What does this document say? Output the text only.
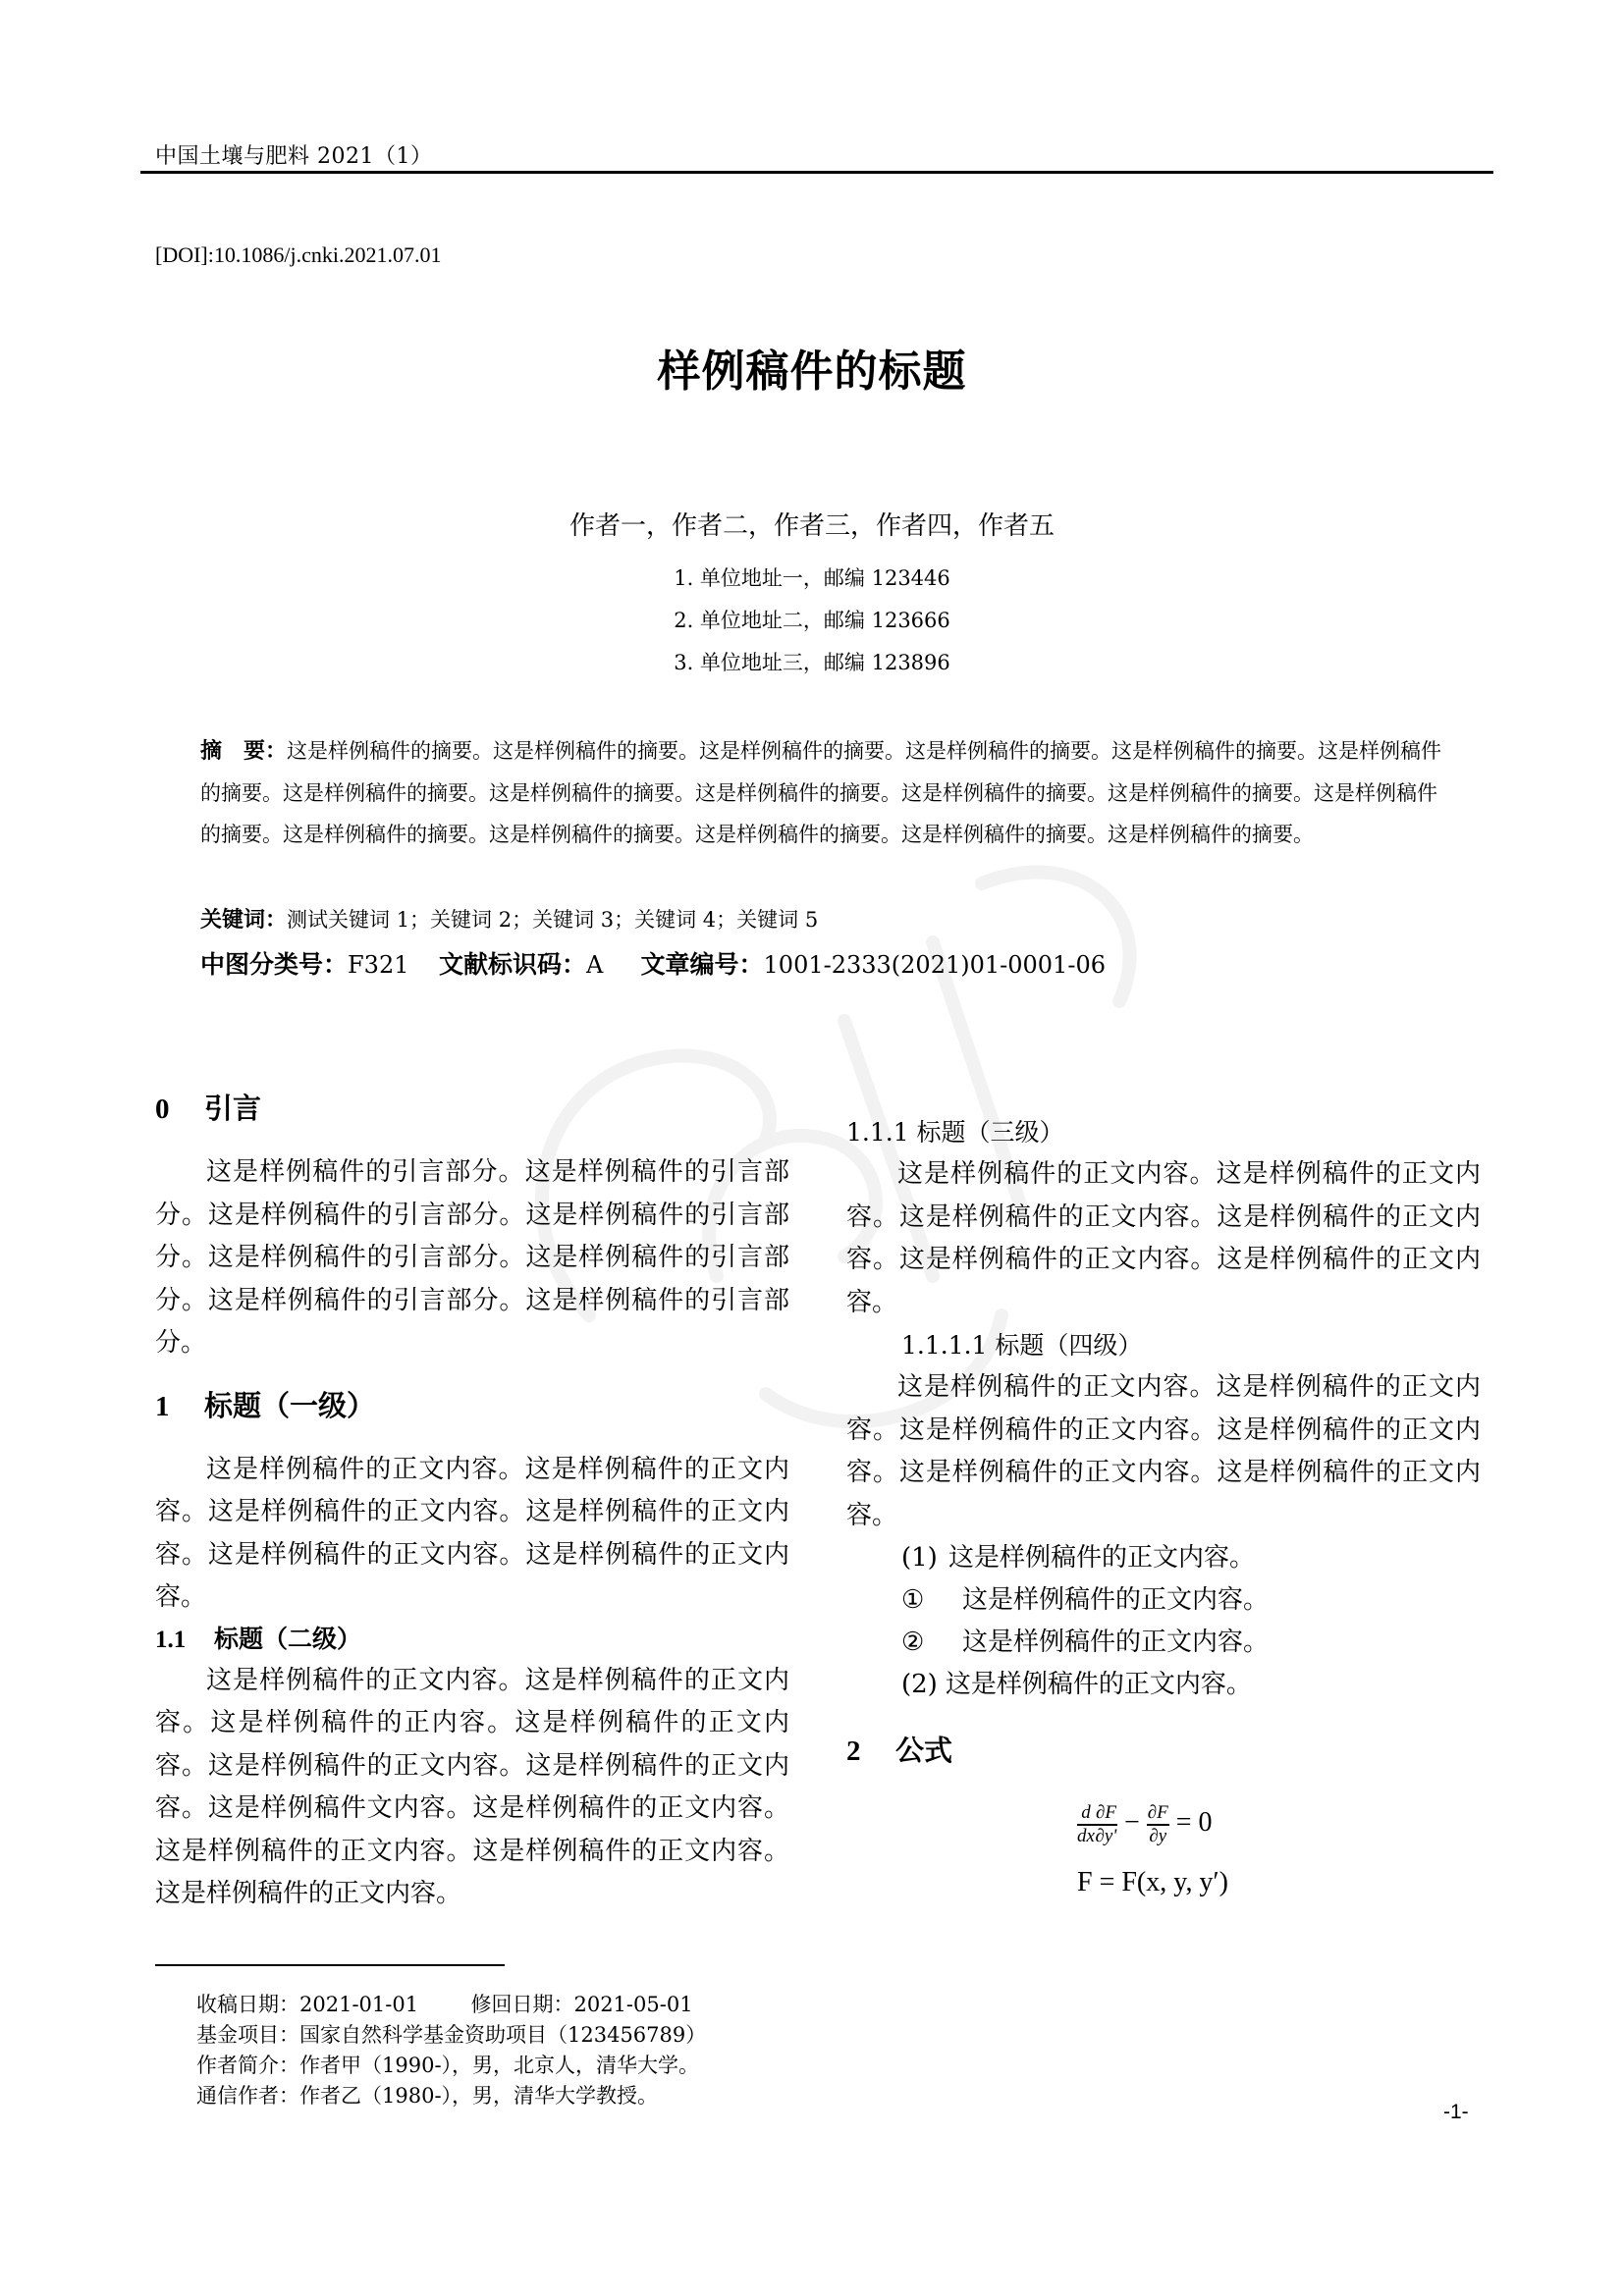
中国土壤与肥料 2021（1）
[DOI]:10.1086/j.cnki.2021.07.01
样例稿件的标题
作者一，作者二，作者三，作者四，作者五
1. 单位地址一，邮编 123446
2. 单位地址二，邮编 123666
3. 单位地址三，邮编 123896
摘　要：这是样例稿件的摘要。这是样例稿件的摘要。这是样例稿件的摘要。这是样例稿件的摘要。这是样例稿件的摘要。这是样例稿件的摘要。这是样例稿件的摘要。这是样例稿件的摘要。这是样例稿件的摘要。这是样例稿件的摘要。这是样例稿件的摘要。这是样例稿件的摘要。这是样例稿件的摘要。这是样例稿件的摘要。这是样例稿件的摘要。这是样例稿件的摘要。这是样例稿件的摘要。
关键词：测试关键词 1；关键词 2；关键词 3；关键词 4；关键词 5
中图分类号：F321 文献标识码：A 文章编号：1001-2333(2021)01-0001-06
0 引言

这是样例稿件的引言部分。这是样例稿件的引言部分。这是样例稿件的引言部分。这是样例稿件的引言部分。这是样例稿件的引言部分。这是样例稿件的引言部分。这是样例稿件的引言部分。这是样例稿件的引言部分。

1 标题（一级）

这是样例稿件的正文内容。这是样例稿件的正文内容。这是样例稿件的正文内容。这是样例稿件的正文内容。这是样例稿件的正文内容。这是样例稿件的正文内容。

1.1 标题（二级）

这是样例稿件的正文内容。这是样例稿件的正文内容。这是样例稿件的正内容。这是样例稿件的正文内容。这是样例稿件的正文内容。这是样例稿件的正文内容。这是样例稿件文内容。这是样例稿件的正文内容。这是样例稿件的正文内容。这是样例稿件的正文内容。这是样例稿件的正文内容。

1.1.1 标题（三级）

这是样例稿件的正文内容。这是样例稿件的正文内容。这是样例稿件的正文内容。这是样例稿件的正文内容。这是样例稿件的正文内容。这是样例稿件的正文内容。

1.1.1.1 标题（四级）

这是样例稿件的正文内容。这是样例稿件的正文内容。这是样例稿件的正文内容。这是样例稿件的正文内容。这是样例稿件的正文内容。这是样例稿件的正文内容。

(1) 这是样例稿件的正文内容。
① 这是样例稿件的正文内容。
② 这是样例稿件的正文内容。
(2) 这是样例稿件的正文内容。
2 公式
$\frac{d}{dx} \frac{\partial F}{\partial y'} - \frac{\partial F}{\partial y} = 0$
F = F(x, y, y′)
收稿日期：2021-01-01        修回日期：2021-05-01
基金项目：国家自然科学基金资助项目（123456789）
作者简介：作者甲（1990-），男，北京人，清华大学。
通信作者：作者乙（1980-），男，清华大学教授。
-1-
